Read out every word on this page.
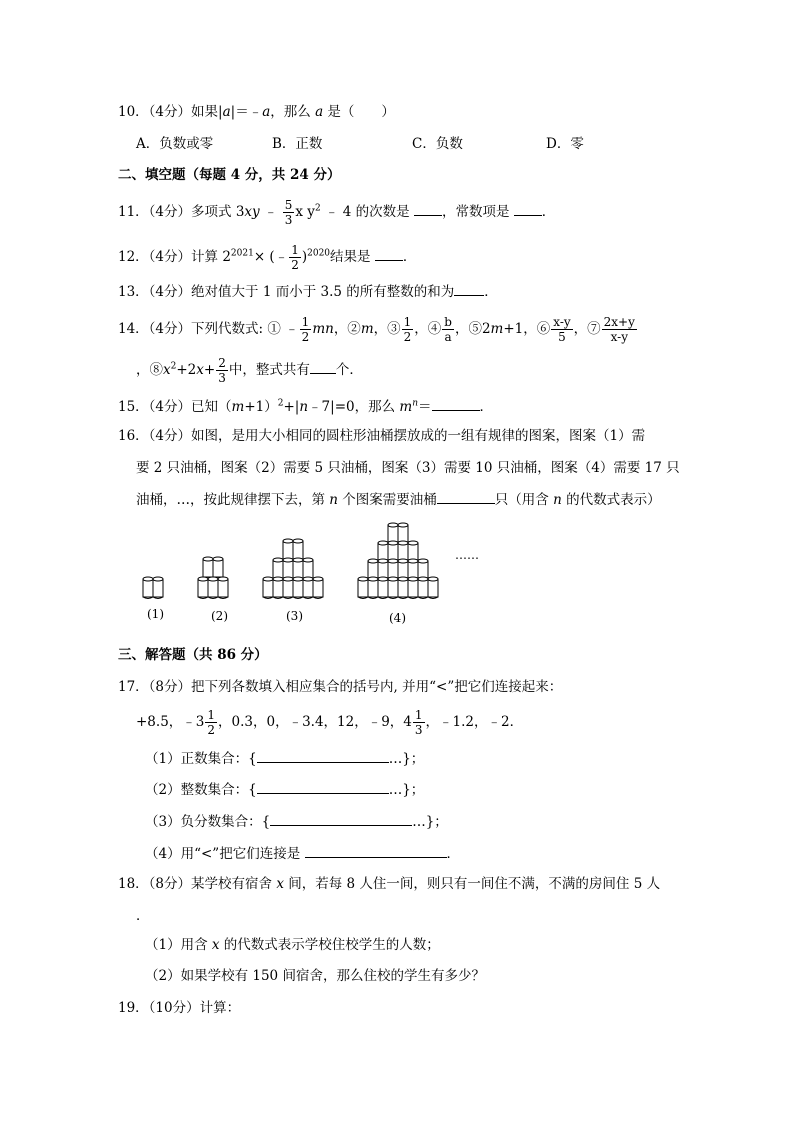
10．（4分）如果|a|＝﹣a，那么 a 是（　　）
A．负数或零	B．正数	C．负数	D．零
二、填空题（每题 4 分，共 24 分）
11．（4分）多项式 3xy ﹣ $\frac{5}{3}$ x $y^2$ ﹣ 4 的次数是 ，常数项是 ．
12．（4分）计算 $2^{2021}\times$ (﹣ $\frac{1}{2} )^{2020}$结果是 ．
13．（4分）绝对值大于 1 而小于 3.5 的所有整数的和为 ．
14．（4分）下列代数式: ① ﹣ $\frac{1}{2}$ mn，②m，③ $\frac{1}{2}$ ，④ $\frac{b}{a}$ ，⑤2m+1，⑥ $\frac{x-y}{5}$ ，⑦ $\frac{2x+y}{x-y}$
，$⑧x^2+2x+ \frac{2}{3}$ 中，整式共有 个．
15．（4分）已知$(m+1)^2+|n﹣7|=0$，那么 $m^n=$	．
16．（4分）如图，是用大小相同的圆柱形油桶摆放成的一组有规律的图案，图案（1）需
要 2 只油桶，图案（2）需要 5 只油桶，图案（3）需要 10 只油桶，图案（4）需要 17 只
油桶，…，按此规律摆下去，第 n 个图案需要油桶	只（用含 n 的代数式表示）
(1)	(2)	(3)	(4)
……
三、解答题（共 86 分）
17．（8分）把下列各数填入相应集合的括号内, 并用“<”把它们连接起来：
+8.5，﹣3 $\frac{1}{2}$ ，0.3，0，﹣3.4，12，﹣9，$4 \frac{1}{3}$ ，﹣1.2，﹣2．
（1）正数集合：{	…}；
（2）整数集合：{	…}；
（3）负分数集合：{	…}；
（4）用“<”把它们连接是	．
18．（8分）某学校有宿舍 x 间，若每 8 人住一间，则只有一间住不满，不满的房间住 5 人
．
（1）用含 x 的代数式表示学校住校学生的人数；
（2）如果学校有 150 间宿舍，那么住校的学生有多少？
19．（10分）计算：
